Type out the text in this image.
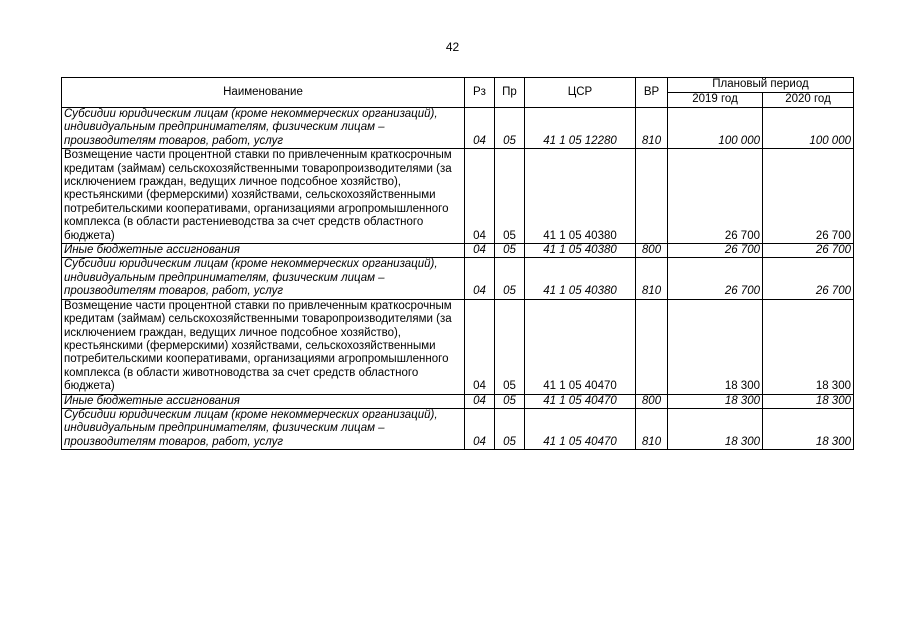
42
Наименование	Рз	Пр	ЦСР	ВР	Плановый период	
					2019 год	2020 год
Субсидии юридическим лицам (кроме некоммерческих организаций), индивидуальным предпринимателям, физическим лицам – производителям товаров, работ, услуг	04	05	41 1 05 12280	810	100 000	100 000
Возмещение части процентной ставки по привлеченным краткосрочным кредитам (займам) сельскохозяйственными товаропроизводителями (за исключением граждан, ведущих личное подсобное хозяйство), крестьянскими (фермерскими) хозяйствами, сельскохозяйственными потребительскими кооперативами, организациями агропромышленного комплекса (в области растениеводства за счет средств областного бюджета)	04	05	41 1 05 40380		26 700	26 700
Иные бюджетные ассигнования	04	05	41 1 05 40380	800	26 700	26 700
Субсидии юридическим лицам (кроме некоммерческих организаций), индивидуальным предпринимателям, физическим лицам – производителям товаров, работ, услуг	04	05	41 1 05 40380	810	26 700	26 700
Возмещение части процентной ставки по привлеченным краткосрочным кредитам (займам) сельскохозяйственными товаропроизводителями (за исключением граждан, ведущих личное подсобное хозяйство), крестьянскими (фермерскими) хозяйствами, сельскохозяйственными потребительскими кооперативами, организациями агропромышленного комплекса (в области животноводства за счет средств областного бюджета)	04	05	41 1 05 40470		18 300	18 300
Иные бюджетные ассигнования	04	05	41 1 05 40470	800	18 300	18 300
Субсидии юридическим лицам (кроме некоммерческих организаций), индивидуальным предпринимателям, физическим лицам – производителям товаров, работ, услуг	04	05	41 1 05 40470	810	18 300	18 300
